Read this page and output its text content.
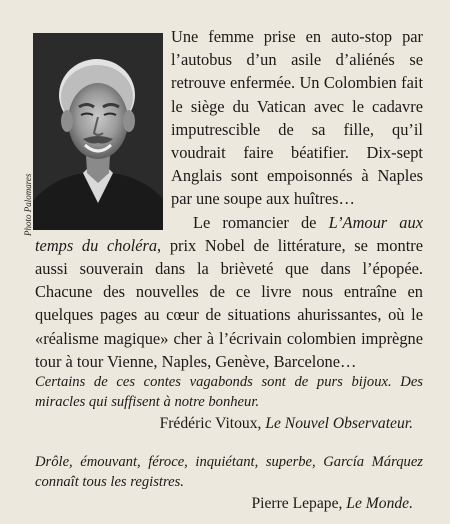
Photo Palomares

Une femme prise en auto-stop par l’autobus d’un asile d’aliénés se retrouve enfermée. Un Colombien fait le siège du Vatican avec le cadavre imputrescible de sa fille, qu’il voudrait faire béatifier. Dix-sept Anglais sont empoisonnés à Naples par une soupe aux huîtres…

Le romancier de L’Amour aux temps du choléra, prix Nobel de littérature, se montre aussi souverain dans la brièveté que dans l’épopée. Chacune des nouvelles de ce livre nous entraîne en quelques pages au cœur de situations ahurissantes, où le «réalisme magique» cher à l’écrivain colombien imprègne tour à tour Vienne, Naples, Genève, Barcelone…

Certains de ces contes vagabonds sont de purs bijoux. Des miracles qui suffisent à notre bonheur.
Frédéric Vitoux, Le Nouvel Observateur.
Drôle, émouvant, féroce, inquiétant, superbe, García Márquez connaît tous les registres.
Pierre Lepape, Le Monde.
